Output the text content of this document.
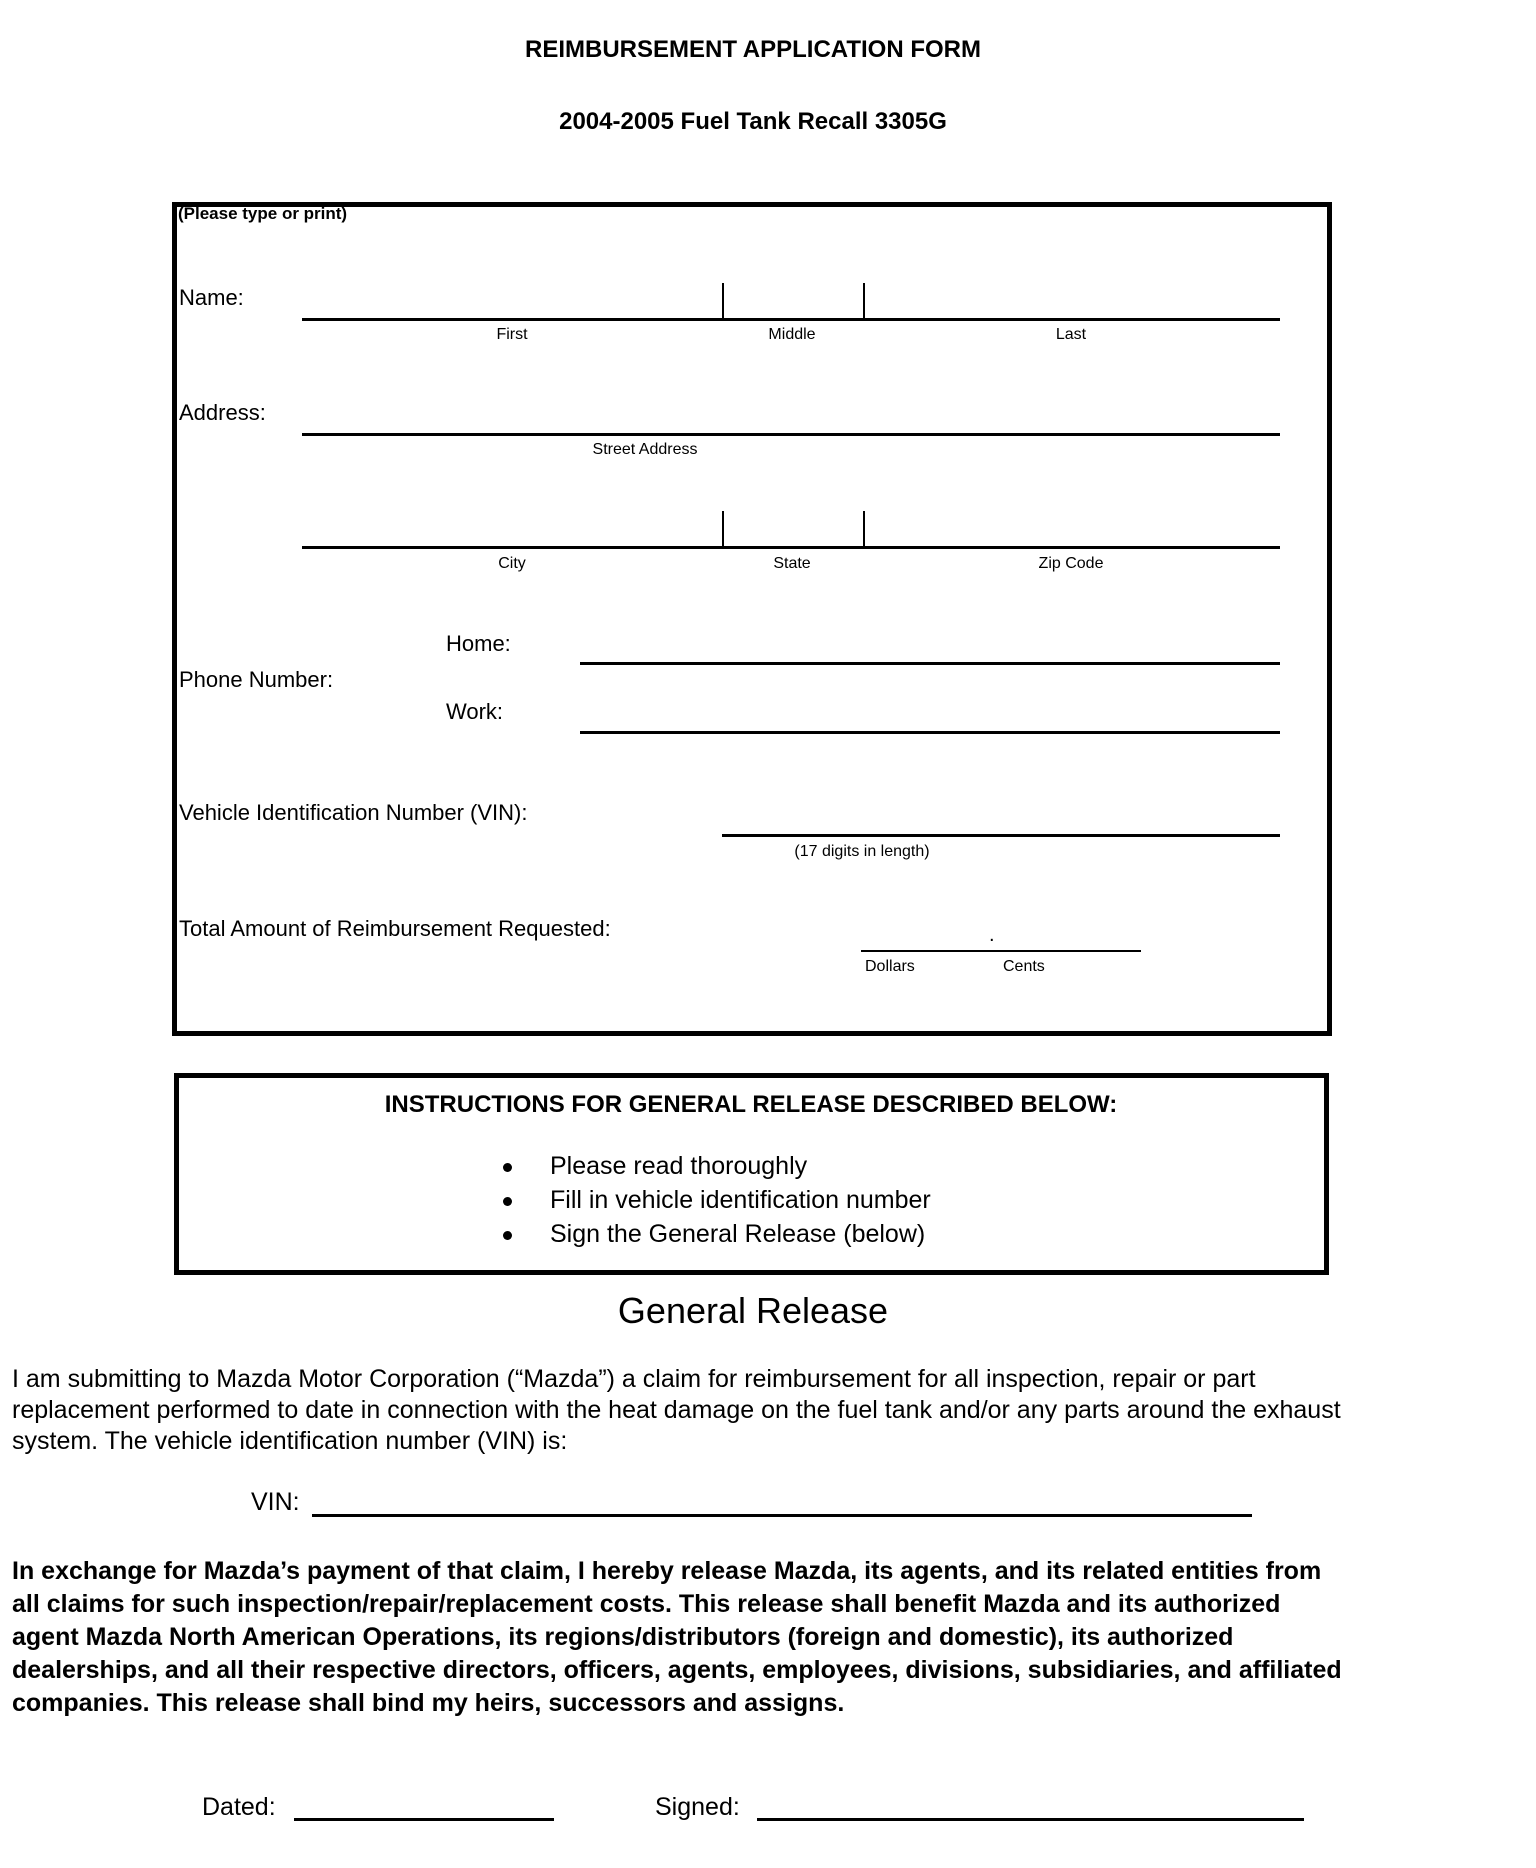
REIMBURSEMENT APPLICATION FORM
2004-2005 Fuel Tank Recall 3305G
(Please type or print)
Name:
First	Middle	Last
Address:
Street Address
City	State	Zip Code
Home:
Phone Number:
Work:
Vehicle Identification Number (VIN):
(17 digits in length)
Total Amount of Reimbursement Requested:	.
Dollars	Cents
INSTRUCTIONS FOR GENERAL RELEASE DESCRIBED BELOW:
Please read thoroughly
Fill in vehicle identification number
Sign the General Release (below)
General Release
I am submitting to Mazda Motor Corporation (“Mazda”) a claim for reimbursement for all inspection, repair or part
replacement performed to date in connection with the heat damage on the fuel tank and/or any parts around the exhaust
system. The vehicle identification number (VIN) is:
VIN:
In exchange for Mazda’s payment of that claim, I hereby release Mazda, its agents, and its related entities from
all claims for such inspection/repair/replacement costs. This release shall benefit Mazda and its authorized
agent Mazda North American Operations, its regions/distributors (foreign and domestic), its authorized
dealerships, and all their respective directors, officers, agents, employees, divisions, subsidiaries, and affiliated
companies. This release shall bind my heirs, successors and assigns.
Dated:	Signed:
